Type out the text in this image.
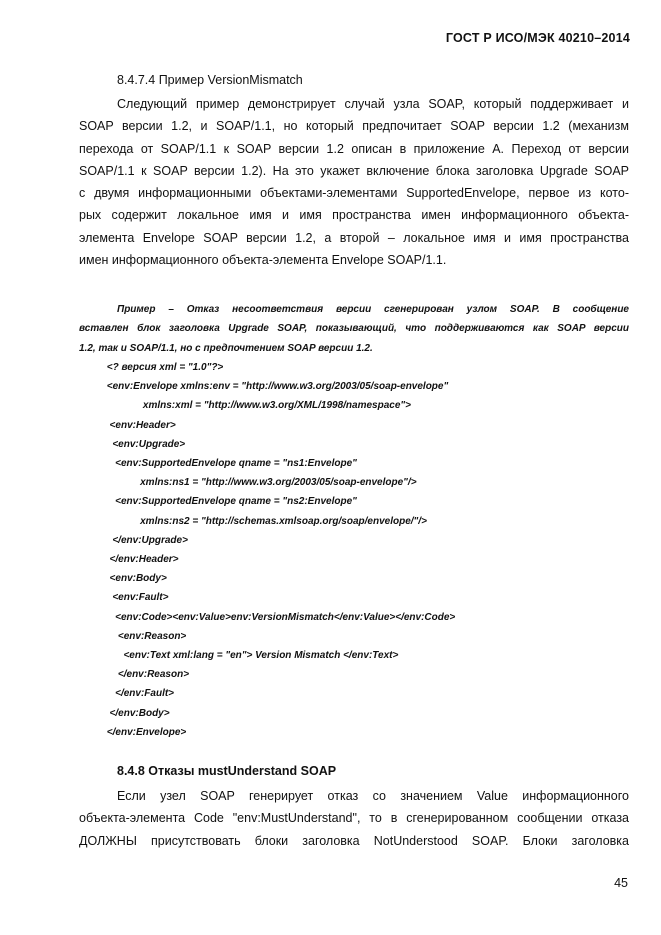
ГОСТ Р ИСО/МЭК 40210–2014
8.4.7.4 Пример VersionMismatch
Следующий пример демонстрирует случай узла SOAP, который поддерживает и
SOAP версии 1.2, и SOAP/1.1, но который предпочитает SOAP версии 1.2 (механизм
перехода от SOAP/1.1 к SOAP версии 1.2 описан в приложение А. Переход от версии
SOAP/1.1 к SOAP версии 1.2). На это укажет включение блока заголовка Upgrade SOAP
с двумя информационными объектами-элементами SupportedEnvelope, первое из кото-
рых содержит локальное имя и имя пространства имен информационного объекта-
элемента Envelope SOAP версии 1.2, а второй – локальное имя и имя пространства
имен информационного объекта-элемента Envelope SOAP/1.1.
Пример – Отказ несоответствия версии сгенерирован узлом SOAP. В сообщение
вставлен блок заголовка Upgrade SOAP, показывающий, что поддерживаются как SOAP версии
1.2, так и SOAP/1.1, но с предпочтением SOAP версии 1.2.
<? версия xml = "1.0"?>
<env:Envelope xmlns:env = "http://www.w3.org/2003/05/soap-envelope"
xmlns:xml = "http://www.w3.org/XML/1998/namespace">
<env:Header>
<env:Upgrade>
<env:SupportedEnvelope qname = "ns1:Envelope"
xmlns:ns1 = "http://www.w3.org/2003/05/soap-envelope"/>
<env:SupportedEnvelope qname = "ns2:Envelope"
xmlns:ns2 = "http://schemas.xmlsoap.org/soap/envelope/"/>
</env:Upgrade>
</env:Header>
<env:Body>
<env:Fault>
<env:Code><env:Value>env:VersionMismatch</env:Value></env:Code>
<env:Reason>
<env:Text xml:lang = "en"> Version Mismatch </env:Text>
</env:Reason>
</env:Fault>
</env:Body>
</env:Envelope>
8.4.8 Отказы mustUnderstand SOAP
Если узел SOAP генерирует отказ со значением Value информационного
объекта-элемента Code "env:MustUnderstand", то в сгенерированном сообщении отказа
ДОЛЖНЫ присутствовать блоки заголовка NotUnderstood SOAP. Блоки заголовка
45
